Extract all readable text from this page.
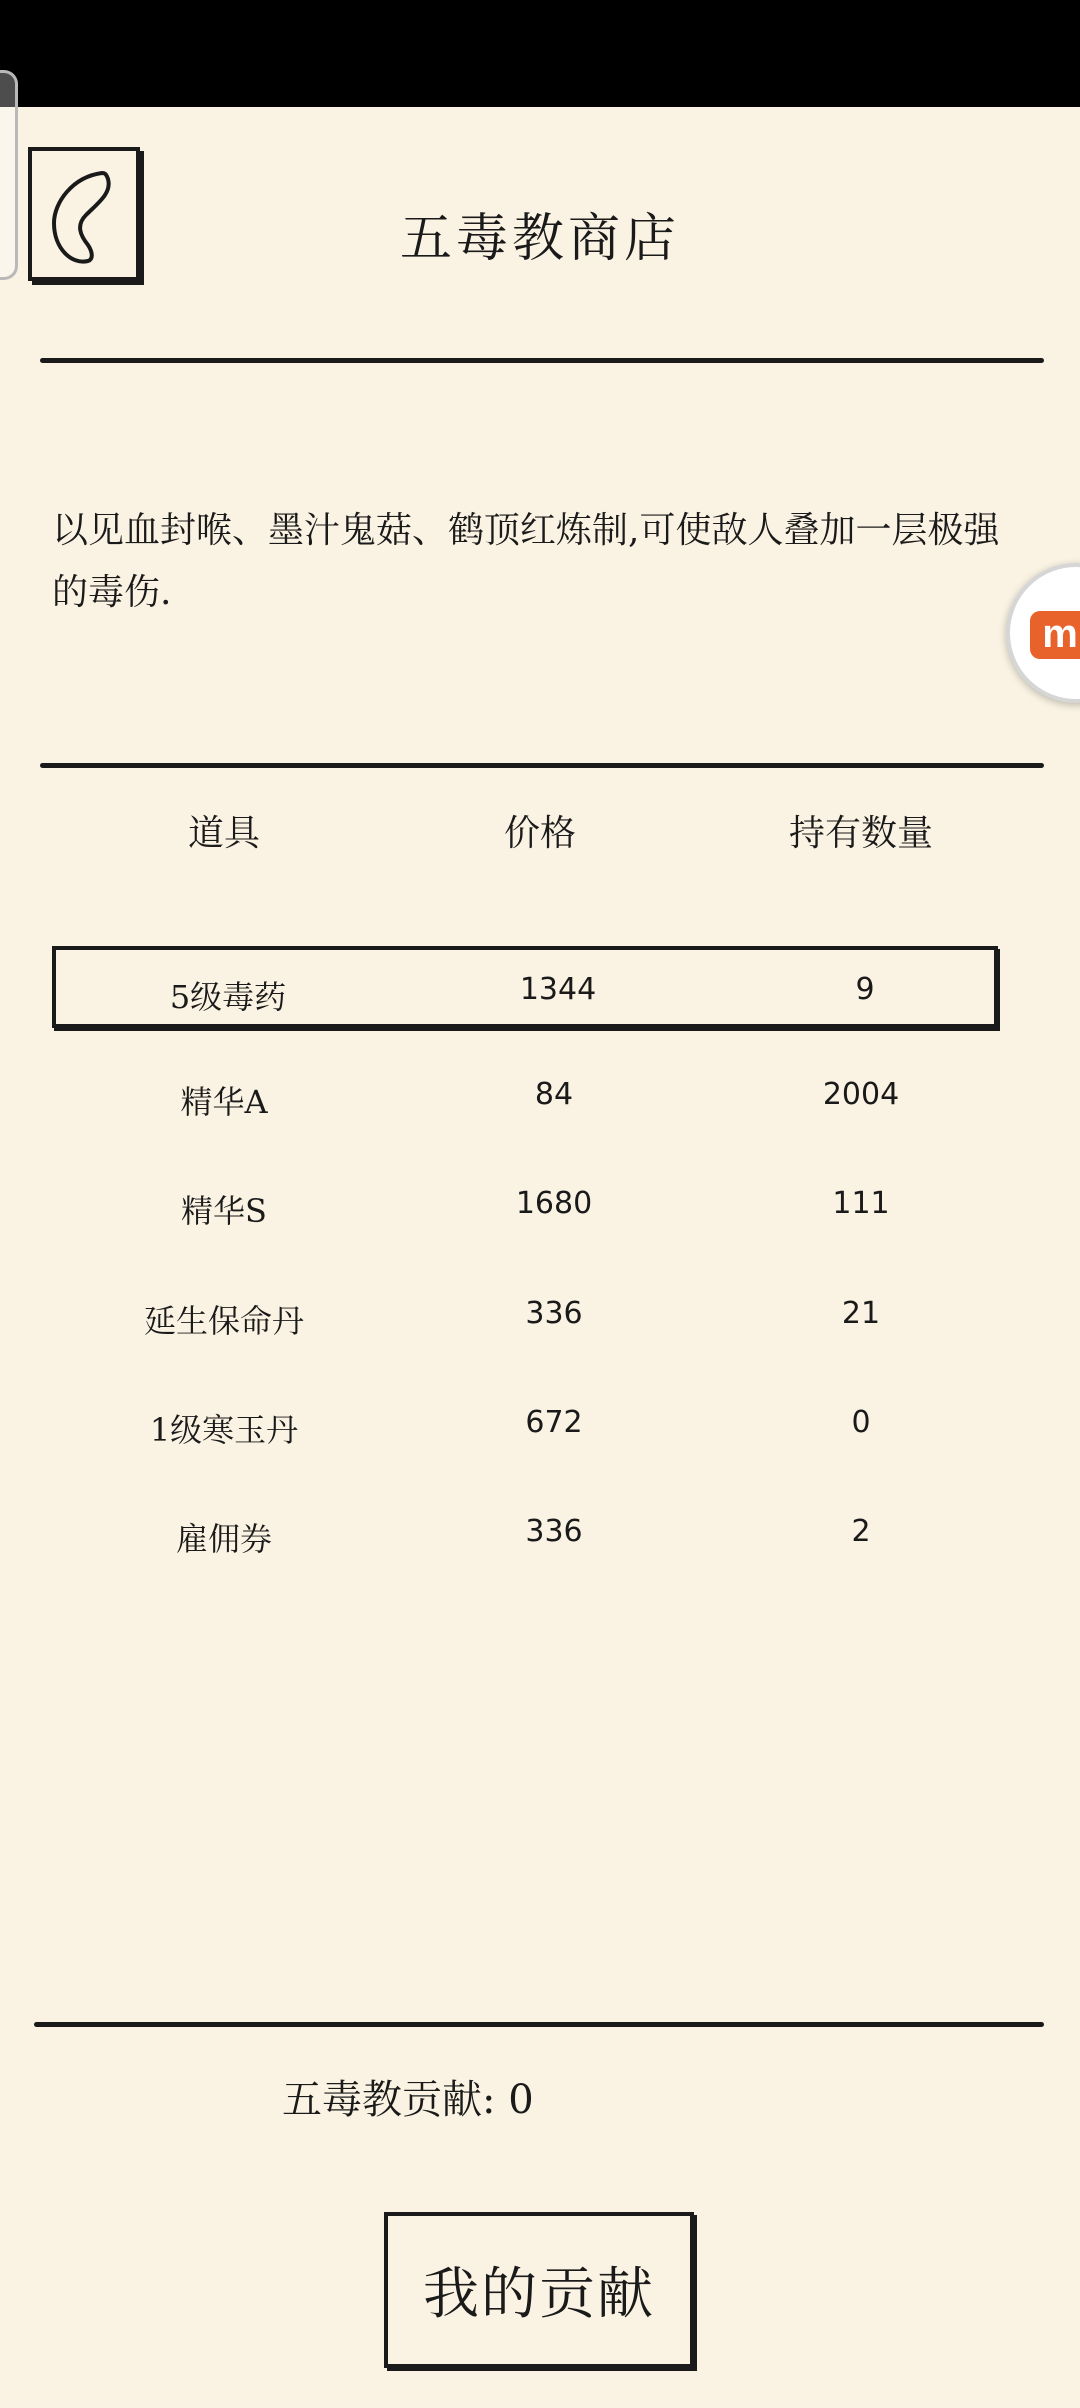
五毒教商店
以见血封喉、墨汁鬼菇、鹤顶红炼制,可使敌人叠加一层极强的毒伤.
道具	价格	持有数量
5级毒药	1344	9
精华A	84	2004
精华S	1680	111
延生保命丹	336	21
1级寒玉丹	672	0
雇佣券	336	2
五毒教贡献: 0
我的贡献
m
